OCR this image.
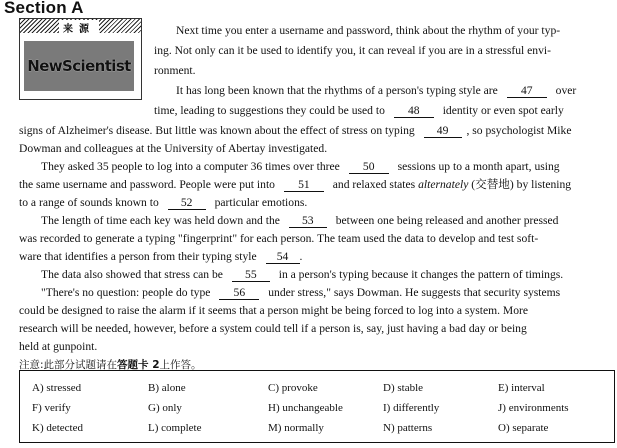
Section A
来源
NewScientist
Next time you enter a username and password, think about the rhythm of your typ-
ing. Not only can it be used to identify you, it can reveal if you are in a stressful envi-
ronment.
It has long been known that the rhythms of a person's typing style are 47 over
time, leading to suggestions they could be used to 48 identity or even spot early
signs of Alzheimer's disease. But little was known about the effect of stress on typing 49 , so psychologist Mike
Dowman and colleagues at the University of Abertay investigated.
They asked 35 people to log into a computer 36 times over three 50 sessions up to a month apart, using
the same username and password. People were put into 51 and relaxed states alternately (交替地) by listening
to a range of sounds known to 52 particular emotions.
The length of time each key was held down and the 53 between one being released and another pressed
was recorded to generate a typing "fingerprint" for each person. The team used the data to develop and test soft-
ware that identifies a person from their typing style 54 .
The data also showed that stress can be 55 in a person's typing because it changes the pattern of timings.
"There's no question: people do type 56 under stress," says Dowman. He suggests that security systems
could be designed to raise the alarm if it seems that a person might be being forced to log into a system. More
research will be needed, however, before a system could tell if a person is, say, just having a bad day or being
held at gunpoint.
注意:此部分试题请在答题卡 2上作答。
A) stressed	B) alone	C) provoke	D) stable	E) interval
F) verify	G) only	H) unchangeable	I) differently	J) environments
K) detected	L) complete	M) normally	N) patterns	O) separate
